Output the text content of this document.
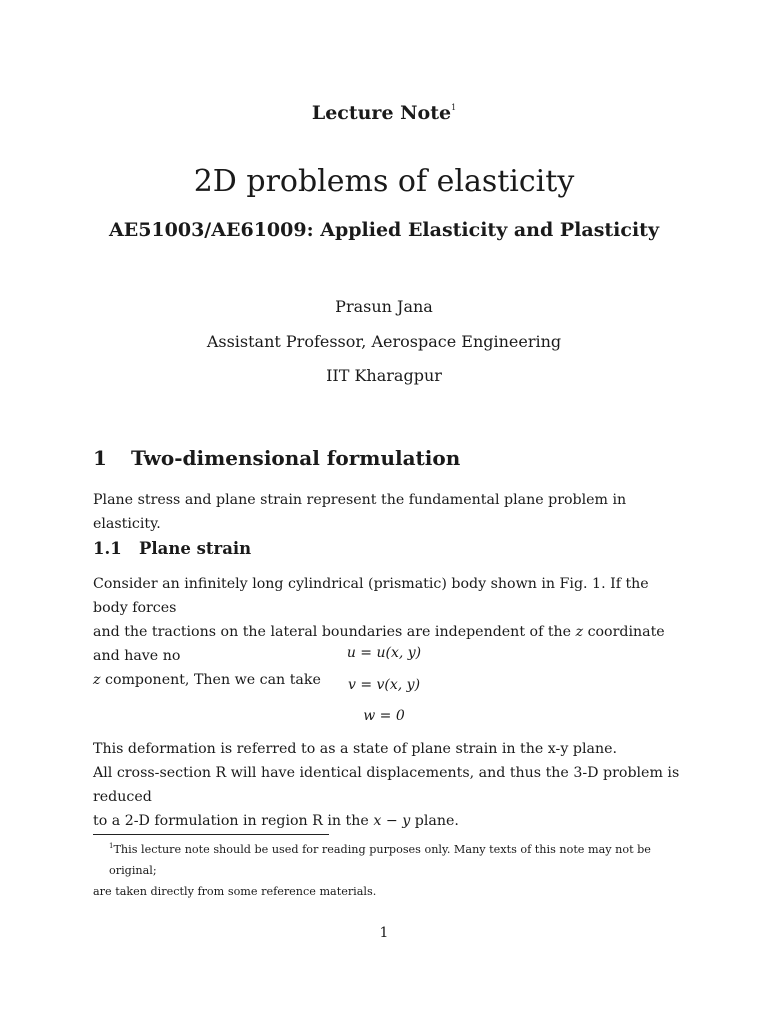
Lecture Note$^1$
2D problems of elasticity
AE51003/AE61009: Applied Elasticity and Plasticity
Prasun Jana
Assistant Professor, Aerospace Engineering
IIT Kharagpur
1 Two-dimensional formulation
Plane stress and plane strain represent the fundamental plane problem in elasticity.
1.1 Plane strain
Consider an infinitely long cylindrical (prismatic) body shown in Fig. 1. If the body forces
and the tractions on the lateral boundaries are independent of the z coordinate and have no
z component, Then we can take
u = u(x, y)
v = v(x, y)
w = 0
This deformation is referred to as a state of plane strain in the x-y plane.
All cross-section R will have identical displacements, and thus the 3-D problem is reduced
to a 2-D formulation in region R in the x − y plane.
$^1$This lecture note should be used for reading purposes only. Many texts of this note may not be original;
are taken directly from some reference materials.
1
